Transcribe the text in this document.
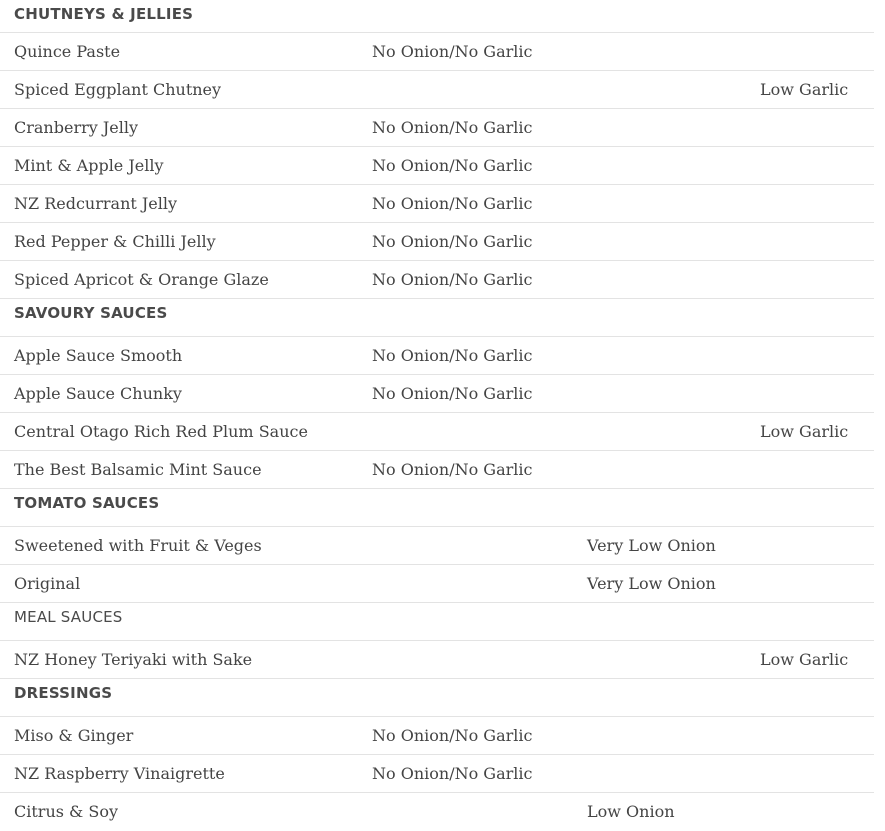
CHUTNEYS & JELLIES
Quince Paste	No Onion/No Garlic
Spiced Eggplant Chutney	Low Garlic
Cranberry Jelly	No Onion/No Garlic
Mint & Apple Jelly	No Onion/No Garlic
NZ Redcurrant Jelly	No Onion/No Garlic
Red Pepper & Chilli Jelly	No Onion/No Garlic
Spiced Apricot & Orange Glaze	No Onion/No Garlic
SAVOURY SAUCES
Apple Sauce Smooth	No Onion/No Garlic
Apple Sauce Chunky	No Onion/No Garlic
Central Otago Rich Red Plum Sauce	Low Garlic
The Best Balsamic Mint Sauce	No Onion/No Garlic
TOMATO SAUCES
Sweetened with Fruit & Veges	Very Low Onion
Original	Very Low Onion
MEAL SAUCES
NZ Honey Teriyaki with Sake	Low Garlic
DRESSINGS
Miso & Ginger	No Onion/No Garlic
NZ Raspberry Vinaigrette	No Onion/No Garlic
Citrus & Soy	Low Onion
